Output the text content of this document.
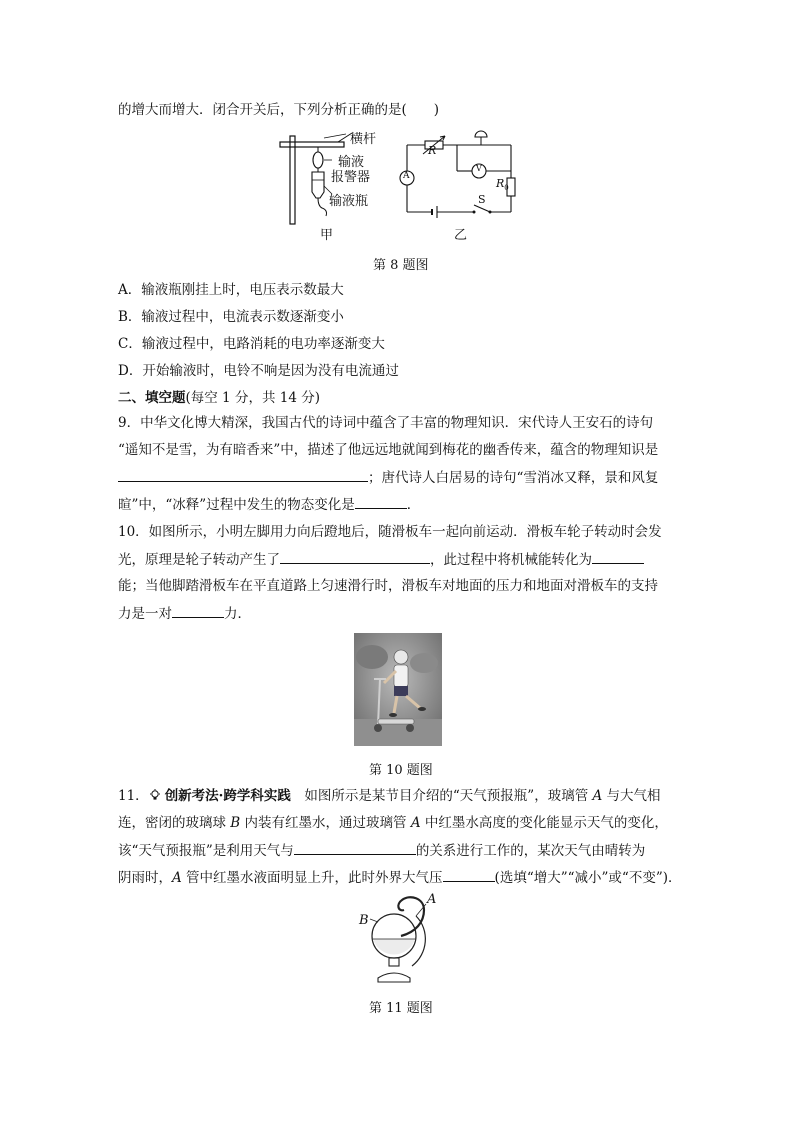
的增大而增大．闭合开关后，下列分析正确的是(　　)
横杆
输液
报警器
输液瓶
甲
R
A
V
$R_0$
S
乙
第 8 题图
A．输液瓶刚挂上时，电压表示数最大
B．输液过程中，电流表示数逐渐变小
C．输液过程中，电路消耗的电功率逐渐变大
D．开始输液时，电铃不响是因为没有电流通过
二、填空题(每空 1 分，共 14 分)
9．中华文化博大精深，我国古代的诗词中蕴含了丰富的物理知识．宋代诗人王安石的诗句
“遥知不是雪，为有暗香来”中，描述了他远远地就闻到梅花的幽香传来，蕴含的物理知识是
；唐代诗人白居易的诗句“雪消冰又释，景和风复
暄”中，“冰释”过程中发生的物态变化是	．
10．如图所示，小明左脚用力向后蹬地后，随滑板车一起向前运动．滑板车轮子转动时会发
光，原理是轮子转动产生了	，此过程中将机械能转化为
能；当他脚踏滑板车在平直道路上匀速滑行时，滑板车对地面的压力和地面对滑板车的支持
力是一对	力．
第 10 题图
11． 创新考法·跨学科实践　如图所示是某节目介绍的“天气预报瓶”，玻璃管 A 与大气相
连，密闭的玻璃球 B 内装有红墨水，通过玻璃管 A 中红墨水高度的变化能显示天气的变化，
该“天气预报瓶”是利用天气与	的关系进行工作的，某次天气由晴转为
阴雨时，A 管中红墨水液面明显上升，此时外界大气压	(选填“增大”“减小”或“不变”)．
B
A
第 11 题图
